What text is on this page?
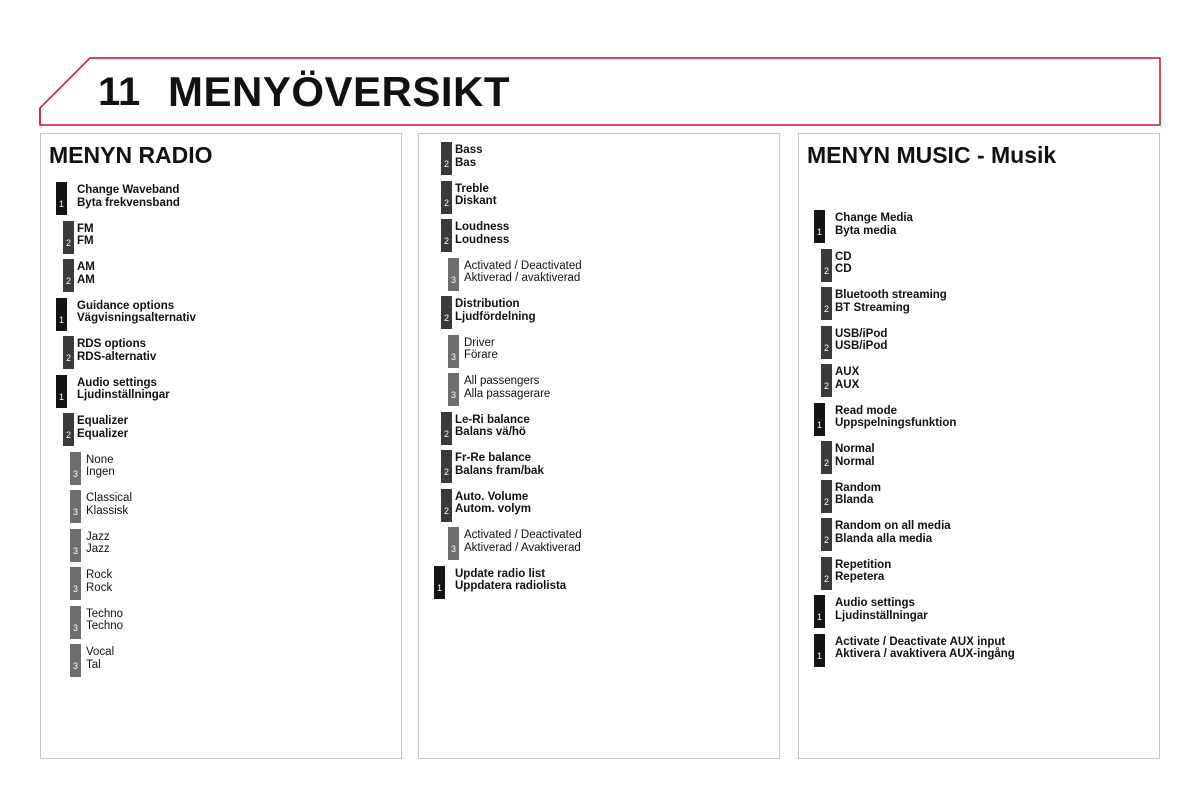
11 MENYÖVERSIKT
MENYN RADIO
1
Change Waveband
Byta frekvensband
2
FM
FM
2
AM
AM
1
Guidance options
Vägvisningsalternativ
2
RDS options
RDS-alternativ
1
Audio settings
Ljudinställningar
2
Equalizer
Equalizer
3
None
Ingen
3
Classical
Klassisk
3
Jazz
Jazz
3
Rock
Rock
3
Techno
Techno
3
Vocal
Tal
2
Bass
Bas
2
Treble
Diskant
2
Loudness
Loudness
3
Activated / Deactivated
Aktiverad / avaktiverad
2
Distribution
Ljudfördelning
3
Driver
Förare
3
All passengers
Alla passagerare
2
Le-Ri balance
Balans vä/hö
2
Fr-Re balance
Balans fram/bak
2
Auto. Volume
Autom. volym
3
Activated / Deactivated
Aktiverad / Avaktiverad
1
Update radio list
Uppdatera radiolista
MENYN MUSIC - Musik
1
Change Media
Byta media
2
CD
CD
2
Bluetooth streaming
BT Streaming
2
USB/iPod
USB/iPod
2
AUX
AUX
1
Read mode
Uppspelningsfunktion
2
Normal
Normal
2
Random
Blanda
2
Random on all media
Blanda alla media
2
Repetition
Repetera
1
Audio settings
Ljudinställningar
1
Activate / Deactivate AUX input
Aktivera / avaktivera AUX-ingång
